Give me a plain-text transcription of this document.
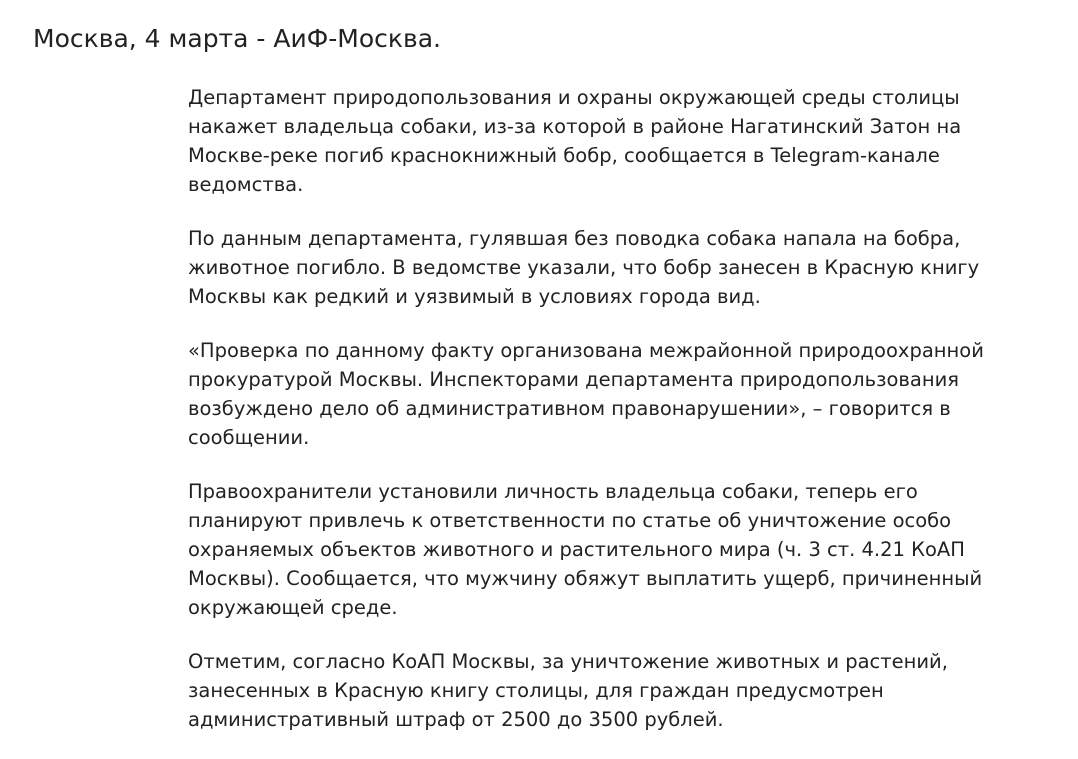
Москва, 4 марта - АиФ-Москва.

Департамент природопользования и охраны окружающей среды столицы накажет владельца собаки, из-за которой в районе Нагатинский Затон на Москве-реке погиб краснокнижный бобр, сообщается в Telegram-канале ведомства.

По данным департамента, гулявшая без поводка собака напала на бобра, животное погибло. В ведомстве указали, что бобр занесен в Красную книгу Москвы как редкий и уязвимый в условиях города вид.

«Проверка по данному факту организована межрайонной природоохранной прокуратурой Москвы. Инспекторами департамента природопользования возбуждено дело об административном правонарушении», – говорится в сообщении.

Правоохранители установили личность владельца собаки, теперь его планируют привлечь к ответственности по статье об уничтожение особо охраняемых объектов животного и растительного мира (ч. 3 ст. 4.21 КоАП Москвы). Сообщается, что мужчину обяжут выплатить ущерб, причиненный окружающей среде.

Отметим, согласно КоАП Москвы, за уничтожение животных и растений, занесенных в Красную книгу столицы, для граждан предусмотрен административный штраф от 2500 до 3500 рублей.
